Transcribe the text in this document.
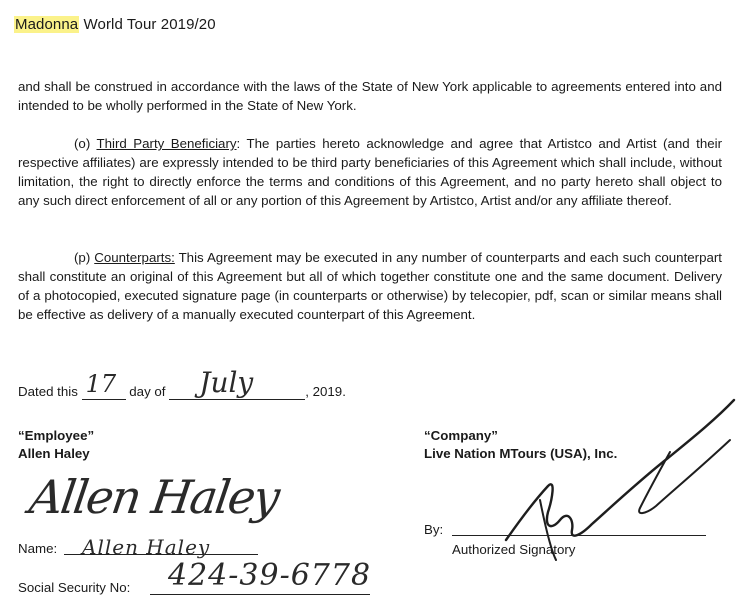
Madonna World Tour 2019/20

and shall be construed in accordance with the laws of the State of New York applicable to agreements entered into and intended to be wholly performed in the State of New York.

(o) Third Party Beneficiary: The parties hereto acknowledge and agree that Artistco and Artist (and their respective affiliates) are expressly intended to be third party beneficiaries of this Agreement which shall include, without limitation, the right to directly enforce the terms and conditions of this Agreement, and no party hereto shall object to any such direct enforcement of all or any portion of this Agreement by Artistco, Artist and/or any affiliate thereof.

(p) Counterparts: This Agreement may be executed in any number of counterparts and each such counterpart shall constitute an original of this Agreement but all of which together constitute one and the same document. Delivery of a photocopied, executed signature page (in counterparts or otherwise) by telecopier, pdf, scan or similar means shall be effective as delivery of a manually executed counterpart of this Agreement.

Dated this 17 day of July	, 2019.
“Employee”
Allen Haley
Allen Haley
Name: Allen Haley
Social Security No: 424-39-6778
“Company”
Live Nation MTours (USA), Inc.
By:
Authorized Signatory
